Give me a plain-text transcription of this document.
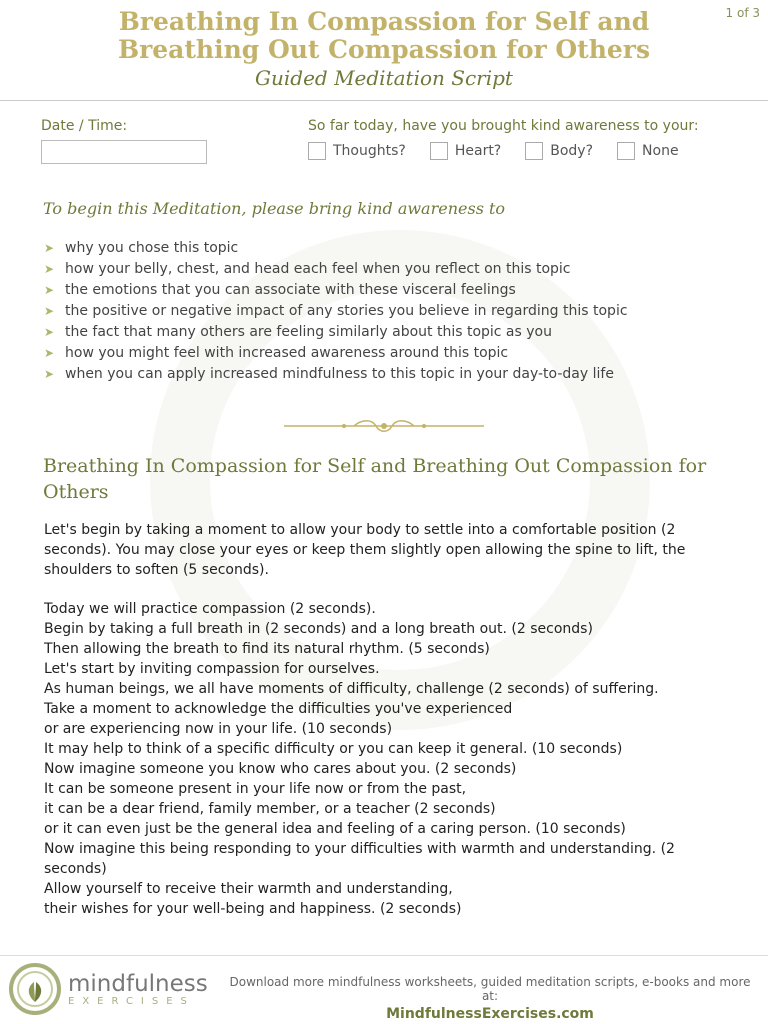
1 of 3
Breathing In Compassion for Self and
Breathing Out Compassion for Others
Guided Meditation Script
Date / Time:	So far today, have you brought kind awareness to your:
Thoughts?	Heart?	Body?	None
To begin this Meditation, please bring kind awareness to
➤ why you chose this topic
➤ how your belly, chest, and head each feel when you reflect on this topic
➤ the emotions that you can associate with these visceral feelings
➤ the positive or negative impact of any stories you believe in regarding this topic
➤ the fact that many others are feeling similarly about this topic as you
➤ how you might feel with increased awareness around this topic
➤ when you can apply increased mindfulness to this topic in your day-to-day life
Breathing In Compassion for Self and Breathing Out Compassion for
Others

Let's begin by taking a moment to allow your body to settle into a comfortable position (2

seconds). You may close your eyes or keep them slightly open allowing the spine to lift, the

shoulders to soften (5 seconds).

Today we will practice compassion (2 seconds).

Begin by taking a full breath in (2 seconds) and a long breath out. (2 seconds)

Then allowing the breath to find its natural rhythm. (5 seconds)

Let's start by inviting compassion for ourselves.

As human beings, we all have moments of difficulty, challenge (2 seconds) of suffering.

Take a moment to acknowledge the difficulties you've experienced

or are experiencing now in your life. (10 seconds)

It may help to think of a specific difficulty or you can keep it general. (10 seconds)

Now imagine someone you know who cares about you. (2 seconds)

It can be someone present in your life now or from the past,

it can be a dear friend, family member, or a teacher (2 seconds)

or it can even just be the general idea and feeling of a caring person. (10 seconds)

Now imagine this being responding to your difficulties with warmth and understanding. (2

seconds)

Allow yourself to receive their warmth and understanding,

their wishes for your well-being and happiness. (2 seconds)

mindfulness
EXERCISES
Download more mindfulness worksheets, guided meditation scripts, e-books and more at:
MindfulnessExercises.com
